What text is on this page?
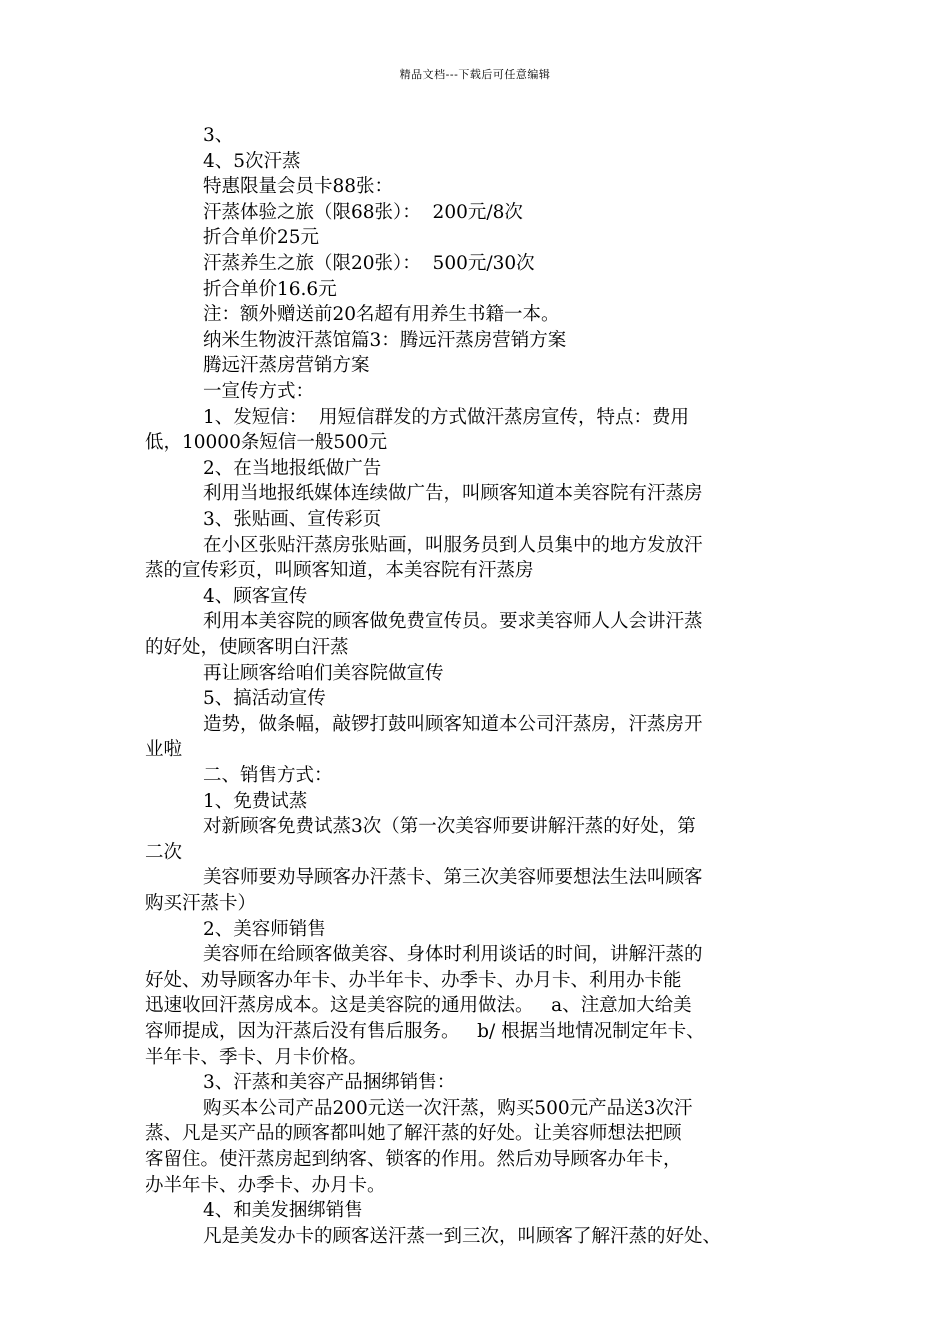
精品文档---下载后可任意编辑
3、
4、5次汗蒸
特惠限量会员卡88张：
汗蒸体验之旅（限68张）：  200元/8次
折合单价25元
汗蒸养生之旅（限20张）：  500元/30次
折合单价16.6元
注：额外赠送前20名超有用养生书籍一本。
纳米生物波汗蒸馆篇3：腾远汗蒸房营销方案
腾远汗蒸房营销方案
一宣传方式：
1、发短信：  用短信群发的方式做汗蒸房宣传，特点：费用
低，10000条短信一般500元
2、在当地报纸做广告
利用当地报纸媒体连续做广告，叫顾客知道本美容院有汗蒸房
3、张贴画、宣传彩页
在小区张贴汗蒸房张贴画，叫服务员到人员集中的地方发放汗
蒸的宣传彩页，叫顾客知道，本美容院有汗蒸房
4、顾客宣传
利用本美容院的顾客做免费宣传员。要求美容师人人会讲汗蒸
的好处，使顾客明白汗蒸
再让顾客给咱们美容院做宣传
5、搞活动宣传
造势，做条幅，敲锣打鼓叫顾客知道本公司汗蒸房，汗蒸房开
业啦
二、销售方式：
1、免费试蒸
对新顾客免费试蒸3次（第一次美容师要讲解汗蒸的好处，第
二次
美容师要劝导顾客办汗蒸卡、第三次美容师要想法生法叫顾客
购买汗蒸卡）
2、美容师销售
美容师在给顾客做美容、身体时利用谈话的时间，讲解汗蒸的
好处、劝导顾客办年卡、办半年卡、办季卡、办月卡、利用办卡能
迅速收回汗蒸房成本。这是美容院的通用做法。   a、注意加大给美
容师提成，因为汗蒸后没有售后服务。   b/ 根据当地情况制定年卡、
半年卡、季卡、月卡价格。
3、汗蒸和美容产品捆绑销售：
购买本公司产品200元送一次汗蒸，购买500元产品送3次汗
蒸、凡是买产品的顾客都叫她了解汗蒸的好处。让美容师想法把顾
客留住。使汗蒸房起到纳客、锁客的作用。然后劝导顾客办年卡，
办半年卡、办季卡、办月卡。
4、和美发捆绑销售
凡是美发办卡的顾客送汗蒸一到三次，叫顾客了解汗蒸的好处、
